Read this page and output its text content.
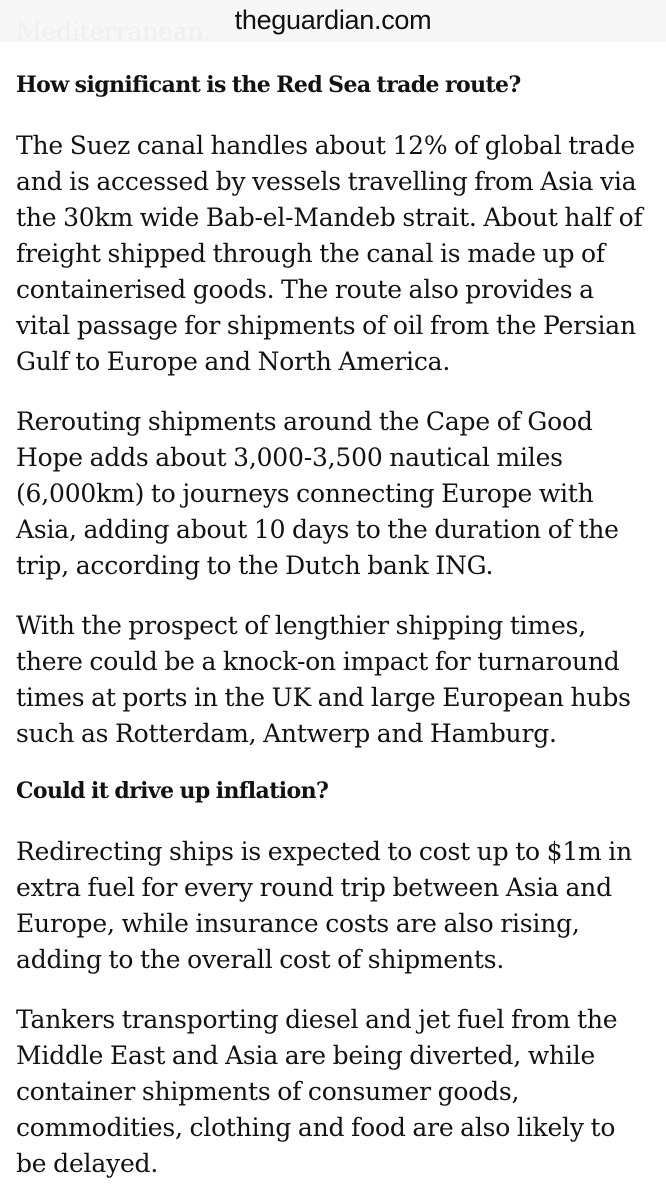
theguardian.com
How significant is the Red Sea trade route?

The Suez canal handles about 12% of global trade and is accessed by vessels travelling from Asia via the 30km wide Bab-el-Mandeb strait. About half of freight shipped through the canal is made up of containerised goods. The route also provides a vital passage for shipments of oil from the Persian Gulf to Europe and North America.

Rerouting shipments around the Cape of Good Hope adds about 3,000-3,500 nautical miles (6,000km) to journeys connecting Europe with Asia, adding about 10 days to the duration of the trip, according to the Dutch bank ING.

With the prospect of lengthier shipping times, there could be a knock-on impact for turnaround times at ports in the UK and large European hubs such as Rotterdam, Antwerp and Hamburg.

Could it drive up inflation?

Redirecting ships is expected to cost up to $1m in extra fuel for every round trip between Asia and Europe, while insurance costs are also rising, adding to the overall cost of shipments.

Tankers transporting diesel and jet fuel from the Middle East and Asia are being diverted, while container shipments of consumer goods, commodities, clothing and food are also likely to be delayed.
